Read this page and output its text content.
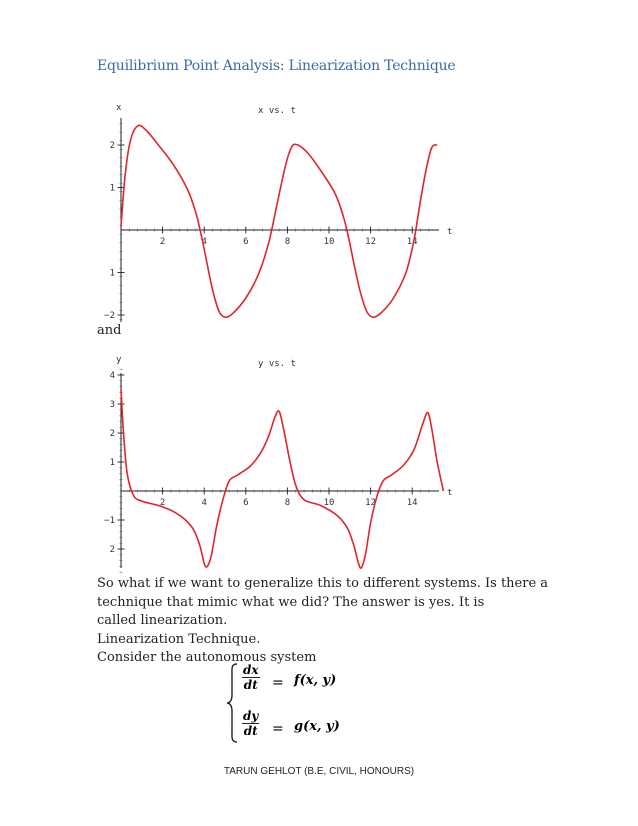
Equilibrium Point Analysis: Linearization Technique
2	4	6	8	10	12	14
2
1
1
−2
x vs. t
x
t
2	4	6	8	10	12	14
4
3
2
1
−1
2
y vs. t
y
t
and
So what if we want to generalize this to different systems. Is there a
technique that mimic what we did? The answer is yes. It is
called linearization.
Linearization Technique.
Consider the autonomous system
$\frac{dx}{dt} = f(x$, y)
$\frac{dy}{dt} = g(x$, y)
TARUN GEHLOT (B.E, CIVIL, HONOURS)
